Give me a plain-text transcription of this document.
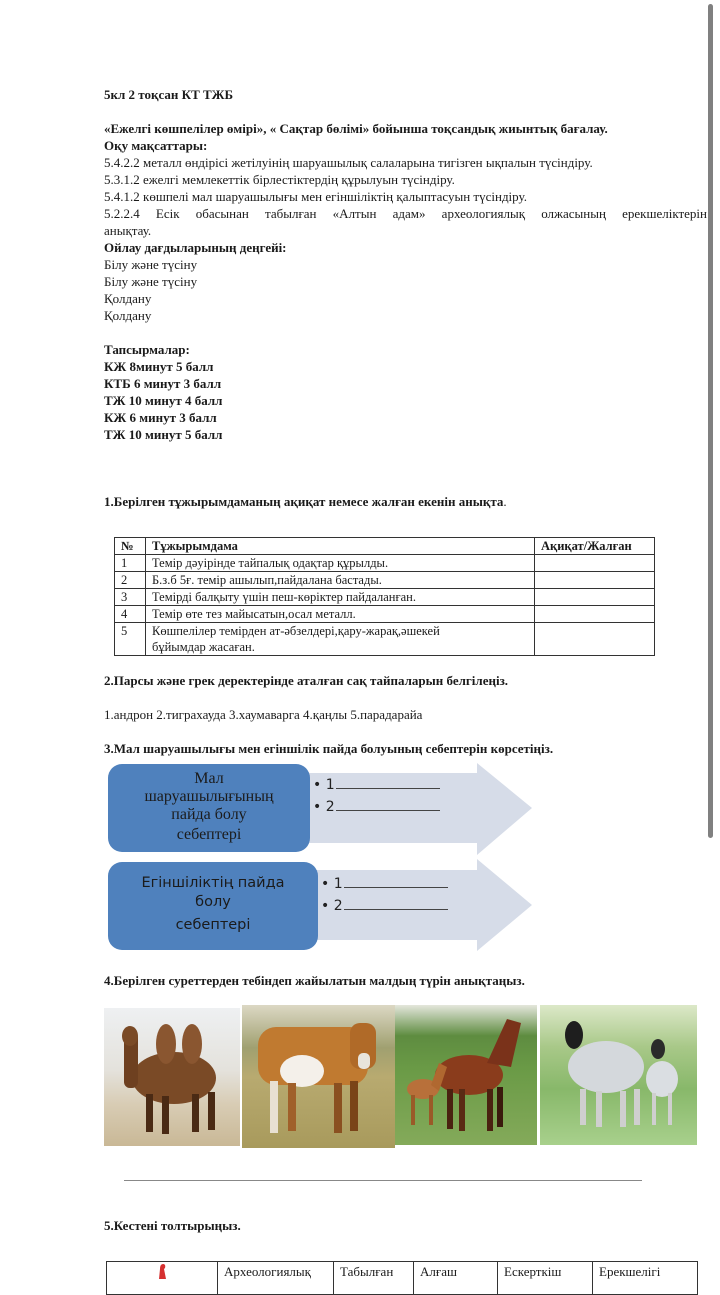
5кл 2 тоқсан КТ ТЖБ
«Ежелгі көшпелілер өмірі», « Сақтар бөлімі» бойынша тоқсандық жиынтық бағалау.
Оқу мақсаттары:
5.4.2.2 металл өндірісі жетілуінің шаруашылық салаларына тигізген ықпалын түсіндіру.
5.3.1.2 ежелгі мемлекеттік бірлестіктердің құрылуын түсіндіру.
5.4.1.2 көшпелі мал шаруашылығы мен егіншіліктің қалыптасуын түсіндіру.
5.2.2.4 Есік обасынан табылған «Алтын адам» археологиялық олжасының ерекшеліктерін
анықтау.
Ойлау дағдыларының деңгейі:
Білу және түсіну
Білу және түсіну
Қолдану
Қолдану
Тапсырмалар:
КЖ 8минут 5 балл
КТБ 6 минут 3 балл
ТЖ 10 минут 4 балл
КЖ 6 минут 3 балл
ТЖ 10 минут 5 балл
1.Берілген тұжырымдаманың ақиқат немесе жалған екенін анықта.
№	Тұжырымдама	Ақиқат/Жалған
1	Темір дәуірінде тайпалық одақтар құрылды.	
2	Б.з.б 5ғ. темір ашылып,пайдалана бастады.	
3	Темірді балқыту үшін пеш-көріктер пайдаланған.	
4	Темір өте тез майысатын,осал металл.	
5	Көшпелілер темірден ат-әбзелдері,қару-жарақ,әшекей
бұйымдар жасаған.	

2.Парсы және грек деректерінде аталған сақ тайпаларын белгілеңіз.
1.андрон 2.тиграхауда 3.хаумаварга 4.қаңлы 5.парадарайа
3.Мал шаруашылығы мен егіншілік пайда болуының себептерін көрсетіңіз.
Мал
шаруашылығының
пайда болу
себептері
• 1
• 2
Егіншіліктің пайда
болу
себептері
• 1
• 2
4.Берілген суреттерден тебіндеп жайылатын малдың түрін анықтаңыз.
5.Кестені толтырыңыз.
	Археологиялық	Табылған	Алғаш	Ескерткіш	Ерекшелігі
